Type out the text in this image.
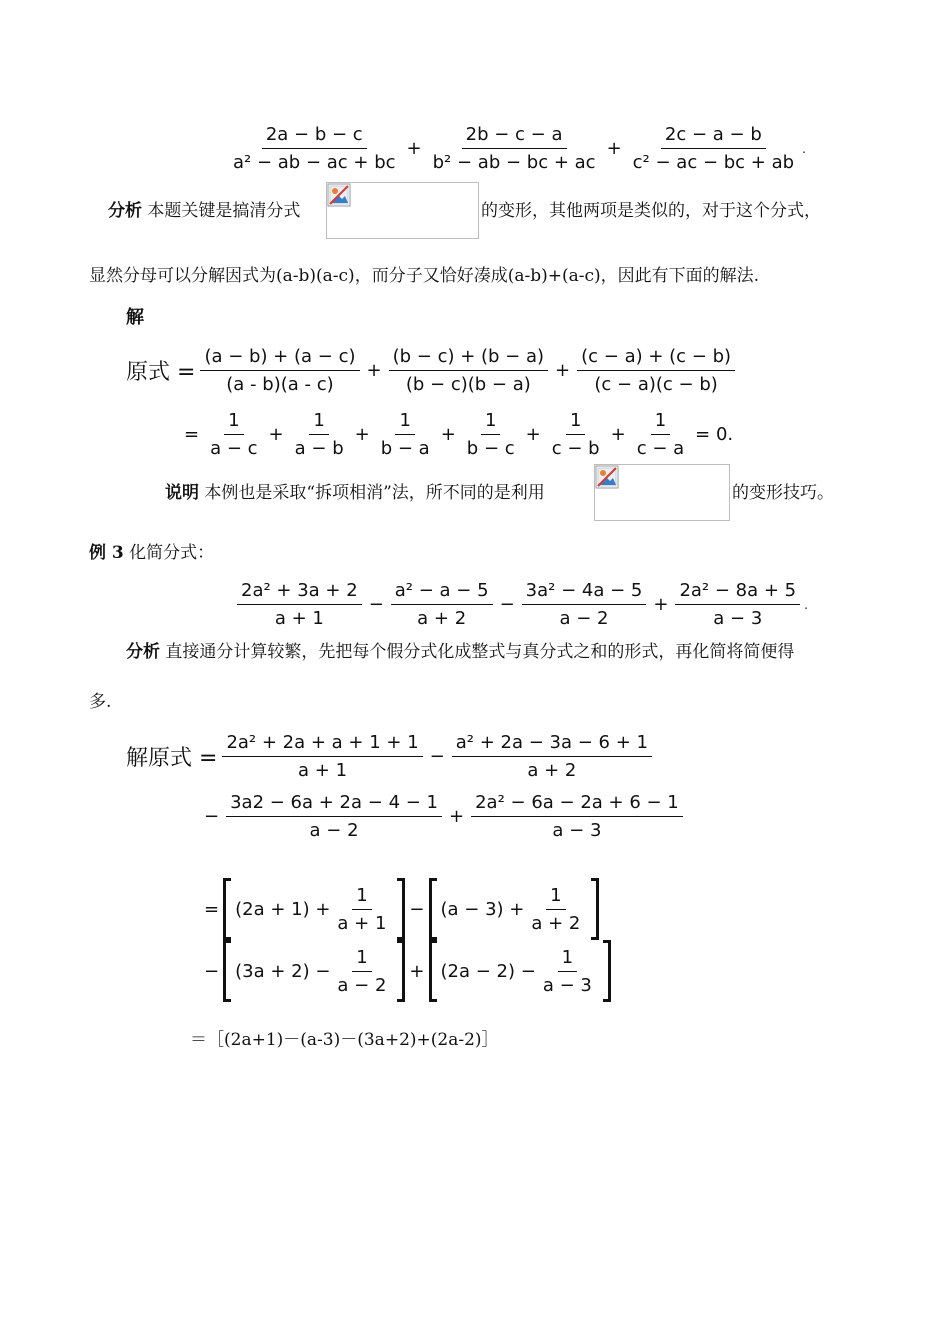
$\frac{2a - b - c}{\text{a² − ab − ac + bc}} + \frac{2b - c - a}{\text{b² − ab − bc + ac}} + \frac{2c - a - b}{\text{c² − ac − bc + ab}}$ .
分析 本题关键是搞清分式	的变形，其他两项是类似的，对于这个分式，
显然分母可以分解因式为(a-b)(a-c)，而分子又恰好凑成(a-b)+(a-c)，因此有下面的解法.
解
原式 = $\frac{(a - b) + (a - c)}{(a - b)(a - c)} + \frac{(b - c) + (b - a)}{(b - c)(b - a)} + \frac{(c - a) + (c - b)}{(c - a)(c - b)}$
= $\frac{1}{a - c} + \frac{1}{a - b} + \frac{1}{b - a} + \frac{1}{b - c} + \frac{1}{c - b} + \frac{1}{c - a} = 0$.
说明 本例也是采取“拆项相消”法，所不同的是利用	的变形技巧。
例 3 化简分式：
$\frac{\text{2a² + 3a + 2}}{a + 1} - \frac{\text{a² − a − 5}}{a + 2} - \frac{\text{3a² − 4a − 5}}{a - 2} + \frac{\text{2a² − 8a + 5}}{a - 3}$ .
分析 直接通分计算较繁，先把每个假分式化成整式与真分式之和的形式，再化简将简便得
多.
解原式 = $\frac{\text{2a² + 2a + a + 1 + 1}}{a + 1} - \frac{\text{a² + 2a − 3a − 6 + 1}}{a + 2}$
− $\frac{3a2 - 6a + 2a - 4 - 1}{a - 2} + \frac{\text{2a² − 6a − 2a + 6 − 1}}{a - 3}$
= $(2a + 1) + \frac{1}{a + 1} - (a - 3) + \frac{1}{a + 2}$
− $(3a + 2) - \frac{1}{a - 2} + (2a - 2) - \frac{1}{a - 3}$
＝［(2a+1)－(a-3)－(3a+2)+(2a-2)］
